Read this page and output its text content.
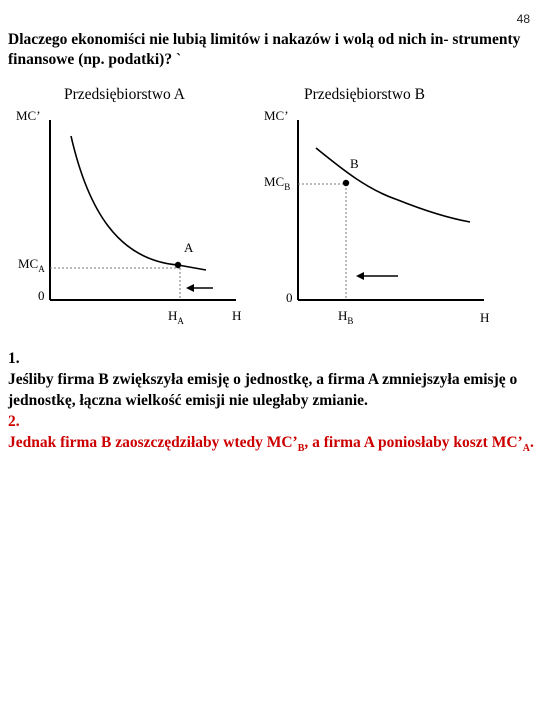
48

Dlaczego ekonomiści nie lubią limitów i nakazów i wolą od nich in- strumenty finansowe (np. podatki)? `

Przedsiębiorstwo A	Przedsiębiorstwo B

MC’
A
$MC_A$
0
$H_A$	H
MC’
B
$MC_B$
0
$H_B$	H

1.

Jeśliby firma B zwiększyła emisję o jednostkę, a firma A zmniejszyła emisję o jednostkę, łączna wielkość emisji nie uległaby zmianie.

2.

Jednak firma B zaoszczędziłaby wtedy $MC’_B$, a firma A poniosłaby koszt $MC’_A$.
